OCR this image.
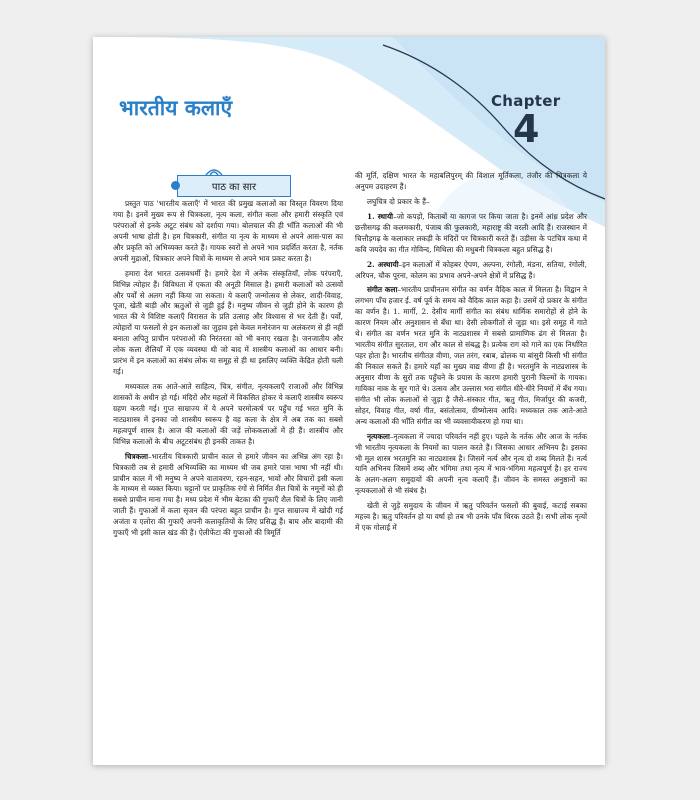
भारतीय कलाएँ	Chapter
4
पाठ का सार

प्रस्तुत पाठ 'भारतीय कलाएँ' में भारत की प्रमुख कलाओं का विस्तृत विवरण दिया गया है। इनमें मुख्य रूप से चित्रकला, नृत्य कला, संगीत कला और हमारी संस्कृति एवं परंपराओं से इनके अटूट संबंध को दर्शाया गया। बोलचाल की ही भाँति कलाओं की भी अपनी भाषा होती है। हम चित्रकारी, संगीत या नृत्य के माध्यम से अपने आस-पास का और प्रकृति को अभिव्यक्त करते हैं। गायक स्वरों से अपने भाव प्रदर्शित करता है, नर्तक अपनी मुद्राओं, चित्रकार अपने चित्रों के माध्यम से अपने भाव प्रकट करता है।

हमारा देश भारत उत्सवधर्मी है। हमारे देश में अनेक संस्कृतियाँ, लोक परंपराएँ, विभिन्न त्योहार हैं। विविधता में एकता की अनूठी मिसाल है। हमारी कलाओं को उत्सवों और पर्वों से अलग नहीं किया जा सकता। ये कलाएँ जन्मोत्सव से लेकर, शादी-विवाह, पूजा, खेती बाड़ी और ऋतुओं से जुड़ी हुई हैं। मनुष्य जीवन से जुड़ी होने के कारण ही भारत की ये विशिष्ट कलाएँ विरासत के प्रति उत्साह और विश्वास से भर देती हैं। पर्वों, त्योहारों या फसलों से इन कलाओं का जुड़ाव इसे केवल मनोरंजन या अलंकरण से ही नहीं बनाता अपितु प्राचीन परंपराओं की निरंतरता को भी बनाए रखता है। जनजातीय और लोक कला शैलियाँ में एक व्यवस्था थी जो बाद में शास्त्रीय कलाओं का आधार बनी। प्रारंभ में इन कलाओं का संबंध लोक या समूह से ही था इसलिए व्यक्ति केंद्रित होती चली गई।

मध्यकाल तक आते-आते साहित्य, चित्र, संगीत, नृत्यकलाएँ राजाओं और विभिन्न शासकों के अधीन हो गई। मंदिरों और महलों में विकसित होकर ये कलाएँ शास्त्रीय स्वरूप ग्रहण करती गई। गुप्त साम्राज्य में ये अपने चरमोत्कर्ष पर पहुँच गई भरत मुनि के नाट्यशास्त्र में इनका जो शास्त्रीय स्वरूप है वह कला के क्षेत्र में अब तक का सबसे महत्वपूर्ण शास्त्र है। आज की कलाओं की जड़ें लोककलाओं में ही हैं। शास्त्रीय और विभिन्न कलाओं के बीच अटूटसंबंध ही इनकी ताकत है।

चित्रकला–भारतीय चित्रकारी प्राचीन काल से हमारे जीवन का अभिन्न अंग रहा है। चित्रकारी तब से हमारी अभिव्यक्ति का माध्यम थी जब हमारे पास भाषा भी नहीं थी। प्राचीन काल में भी मनुष्य ने अपने वातावरण, रहन-सहन, भावों और विचारों इसी कला के माध्यम से व्यक्त किया। चट्टानों पर प्राकृतिक रंगों से निर्मित शैल चित्रों के नमूनों को ही सबसे प्राचीन माना गया है। मध्य प्रदेश में भीम बेटका की गुफाएँ शैल चित्रों के लिए जानी जाती हैं। गुफाओं में कला सृजन की परंपरा बहुत प्राचीन है। गुप्त साम्राज्य में खोदी गई अजंता व एलोरा की गुफाएँ अपनी कलाकृतियों के लिए प्रसिद्ध हैं। बाघ और बादामी की गुफाएँ भी इसी काल खंड की हैं। ऐलीफेंटा की गुफाओं की त्रिमूर्ति

की मूर्ति, दक्षिण भारत के महाबलिपुरम् की विशाल मूर्तिकला, तंजौर की चित्रकला ये अनुपम उदाहरण हैं।

लघुचित्र दो प्रकार के हैं–

1. स्थायी–जो कपड़ों, किताबों या कागज पर किया जाता है। इनमें आंध्र प्रदेश और छत्तीसगढ़ की कलमकारी, पंजाब की फुलकारी, महाराष्ट्र की वरली आदि हैं। राजस्थान में चित्तौड़गढ़ के कलाकार लकड़ी के मंदिरों पर चित्रकारी करते हैं। उड़ीसा के पटचित्र कथा में कवि जयदेव का गीत गोविन्द, मिथिला की मधुबनी चित्रकला बहुत प्रसिद्ध है।

2. अस्थायी–इन कलाओं में कोहबर ऐपण, अल्पना, रंगोली, मंडना, सतिया, रंगोली, अरिपन, चौक पूरना, कोलम का प्रभाव अपने-अपने क्षेत्रों में प्रसिद्ध हैं।

संगीत कला–भारतीय प्राचीनतम संगीत का वर्णन वैदिक काल में मिलता है। विद्वान ने लगभग पाँच हजार ई. वर्ष पूर्व के समय को वैदिक काल कहा है। उसमें दो प्रकार के संगीत का वर्णन है। 1. मार्गी, 2. देसीय मार्गी संगीत का संबंध धार्मिक समारोहों से होने के कारण नियम और अनुशासन से बँधा था। देसी लोकगीतों से जुड़ा था। इसे समूह में गाते थे। संगीत का वर्णन भरत मुनि के नाट्यशास्त्र में सबसे प्रामाणिक ढंग से मिलता है। भारतीय संगीत सुरताल, राग और काल से संबद्ध है। प्रत्येक राग को गाने का एक निर्धारित पहर होता है। भारतीय संगीतज्ञ वीणा, जल तरंग, रबाब, ढोलक या बांसुरी किसी भी संगीत की निकाल सकते हैं। हमारे यहाँ का मुख्य वाद्य वीणा ही है। भरतमुनि के नाट्यशास्त्र के अनुसार वीणा के सुरों तक पहुँचने के प्रयास के कारण हमारी पुरानी फिल्मों के गायक। गायिका नाक के सुर गाते थे। उत्सव और उल्लास भरा संगीत धीरे-धीरे नियमों में बँध गया। संगीत भी लोक कलाओं से जुड़ा है जैसे–संस्कार गीत, ऋतु गीत, मिर्जापुर की कजरी, सोहर, विवाह गीत, वर्षा गीत, बसंतोत्सव, ग्रीष्मोत्सव आदि। मध्यकाल तक आते-आते अन्य कलाओं की भाँति संगीत का भी व्यवसायीकरण हो गया था।

नृत्यकला–नृत्यकला में ज्यादा परिवर्तन नहीं हुए। पहले के नर्तक और आज के नर्तक भी भारतीय नृत्यकला के नियमों का पालन करते हैं। जिसका आधार अभिनय है। इसका भी मूल शास्त्र भरतमुनि का नाट्यशास्त्र है। जिसमें नर्त्य और नृत्य दो शब्द मिलते हैं। नर्त्य यानि अभिनय जिसमें शब्द और भंगिमा तथा नृत्य में भाव-भंगिमा महत्वपूर्ण है। हर राज्य के अलग-अलग समुदायों की अपनी नृत्य कलाएँ हैं। जीवन के समस्त अनुष्ठानों का नृत्यकलाओं से भी संबंध है।

खेती से जुड़े समुदाय के जीवन में ऋतु परिवर्तन फसलों की बुवाई, कटाई सबका महत्त्व है। ऋतु परिवर्तन हो या वर्षा हो तब भी उनके पाँव थिरक उठते हैं। सभी लोक नृत्यों में एक गोलाई में
